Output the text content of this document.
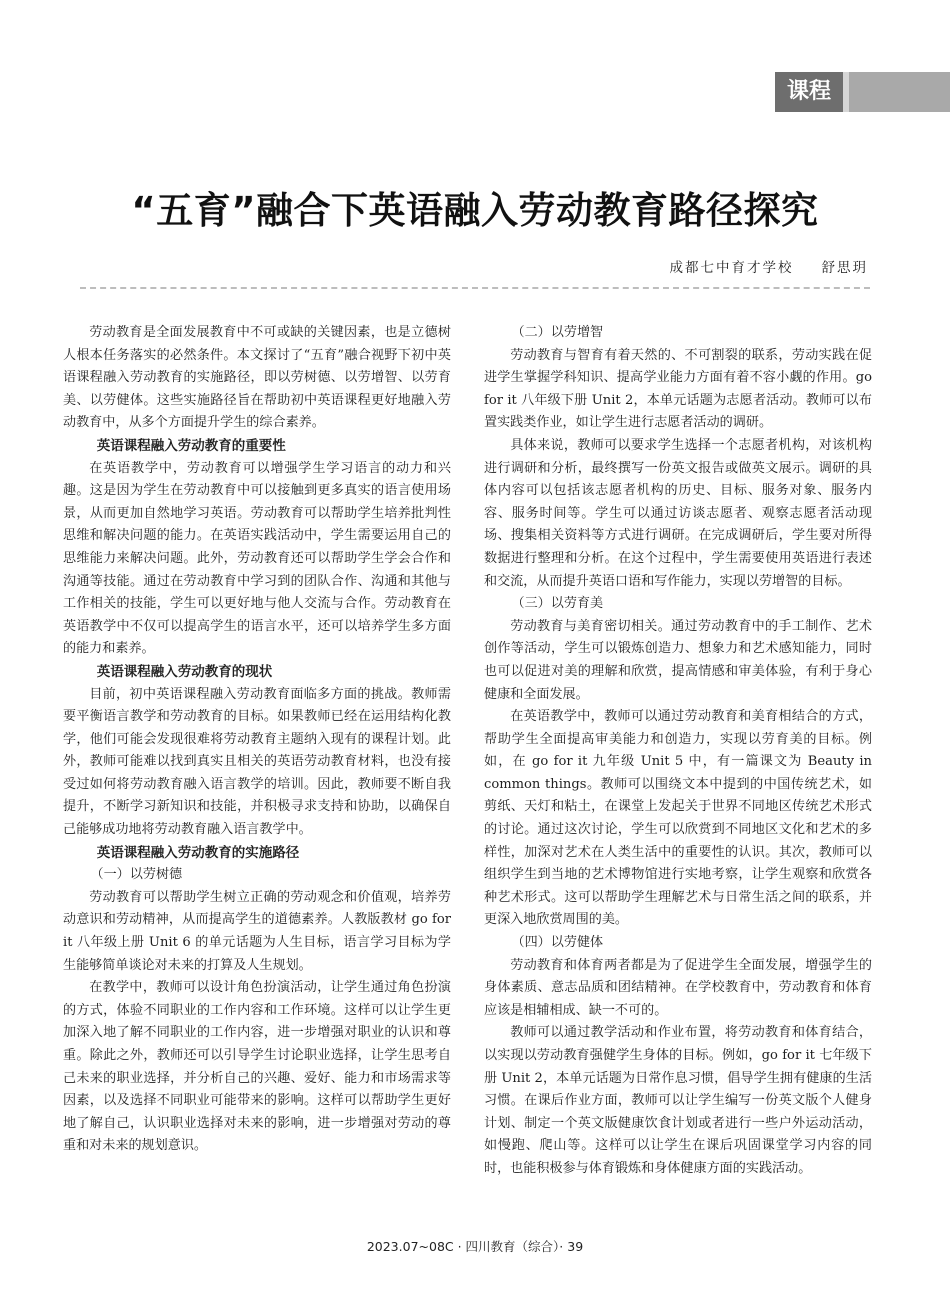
课程
“五育”融合下英语融入劳动教育路径探究
成都七中育才学校 舒思玥

劳动教育是全面发展教育中不可或缺的关键因素，也是立德树人根本任务落实的必然条件。本文探讨了“五育”融合视野下初中英语课程融入劳动教育的实施路径，即以劳树德、以劳增智、以劳育美、以劳健体。这些实施路径旨在帮助初中英语课程更好地融入劳动教育中，从多个方面提升学生的综合素养。

英语课程融入劳动教育的重要性

在英语教学中，劳动教育可以增强学生学习语言的动力和兴趣。这是因为学生在劳动教育中可以接触到更多真实的语言使用场景，从而更加自然地学习英语。劳动教育可以帮助学生培养批判性思维和解决问题的能力。在英语实践活动中，学生需要运用自己的思维能力来解决问题。此外，劳动教育还可以帮助学生学会合作和沟通等技能。通过在劳动教育中学习到的团队合作、沟通和其他与工作相关的技能，学生可以更好地与他人交流与合作。劳动教育在英语教学中不仅可以提高学生的语言水平，还可以培养学生多方面的能力和素养。

英语课程融入劳动教育的现状

目前，初中英语课程融入劳动教育面临多方面的挑战。教师需要平衡语言教学和劳动教育的目标。如果教师已经在运用结构化教学，他们可能会发现很难将劳动教育主题纳入现有的课程计划。此外，教师可能难以找到真实且相关的英语劳动教育材料，也没有接受过如何将劳动教育融入语言教学的培训。因此，教师要不断自我提升，不断学习新知识和技能，并积极寻求支持和协助，以确保自己能够成功地将劳动教育融入语言教学中。

英语课程融入劳动教育的实施路径
（一）以劳树德

劳动教育可以帮助学生树立正确的劳动观念和价值观，培养劳动意识和劳动精神，从而提高学生的道德素养。人教版教材 go for it 八年级上册 Unit 6 的单元话题为人生目标，语言学习目标为学生能够简单谈论对未来的打算及人生规划。

在教学中，教师可以设计角色扮演活动，让学生通过角色扮演的方式，体验不同职业的工作内容和工作环境。这样可以让学生更加深入地了解不同职业的工作内容，进一步增强对职业的认识和尊重。除此之外，教师还可以引导学生讨论职业选择，让学生思考自己未来的职业选择，并分析自己的兴趣、爱好、能力和市场需求等因素，以及选择不同职业可能带来的影响。这样可以帮助学生更好地了解自己，认识职业选择对未来的影响，进一步增强对劳动的尊重和对未来的规划意识。

（二）以劳增智

劳动教育与智育有着天然的、不可割裂的联系，劳动实践在促进学生掌握学科知识、提高学业能力方面有着不容小觑的作用。go for it 八年级下册 Unit 2，本单元话题为志愿者活动。教师可以布置实践类作业，如让学生进行志愿者活动的调研。

具体来说，教师可以要求学生选择一个志愿者机构，对该机构进行调研和分析，最终撰写一份英文报告或做英文展示。调研的具体内容可以包括该志愿者机构的历史、目标、服务对象、服务内容、服务时间等。学生可以通过访谈志愿者、观察志愿者活动现场、搜集相关资料等方式进行调研。在完成调研后，学生要对所得数据进行整理和分析。在这个过程中，学生需要使用英语进行表述和交流，从而提升英语口语和写作能力，实现以劳增智的目标。

（三）以劳育美

劳动教育与美育密切相关。通过劳动教育中的手工制作、艺术创作等活动，学生可以锻炼创造力、想象力和艺术感知能力，同时也可以促进对美的理解和欣赏，提高情感和审美体验，有利于身心健康和全面发展。

在英语教学中，教师可以通过劳动教育和美育相结合的方式，帮助学生全面提高审美能力和创造力，实现以劳育美的目标。例如，在 go for it 九年级 Unit 5 中，有一篇课文为 Beauty in common things。教师可以围绕文本中提到的中国传统艺术，如剪纸、天灯和粘土，在课堂上发起关于世界不同地区传统艺术形式的讨论。通过这次讨论，学生可以欣赏到不同地区文化和艺术的多样性，加深对艺术在人类生活中的重要性的认识。其次，教师可以组织学生到当地的艺术博物馆进行实地考察，让学生观察和欣赏各种艺术形式。这可以帮助学生理解艺术与日常生活之间的联系，并更深入地欣赏周围的美。

（四）以劳健体

劳动教育和体育两者都是为了促进学生全面发展，增强学生的身体素质、意志品质和团结精神。在学校教育中，劳动教育和体育应该是相辅相成、缺一不可的。

教师可以通过教学活动和作业布置，将劳动教育和体育结合，以实现以劳动教育强健学生身体的目标。例如，go for it 七年级下册 Unit 2，本单元话题为日常作息习惯，倡导学生拥有健康的生活习惯。在课后作业方面，教师可以让学生编写一份英文版个人健身计划、制定一个英文版健康饮食计划或者进行一些户外运动活动，如慢跑、爬山等。这样可以让学生在课后巩固课堂学习内容的同时，也能积极参与体育锻炼和身体健康方面的实践活动。

2023.07~08C · 四川教育（综合）· 39
